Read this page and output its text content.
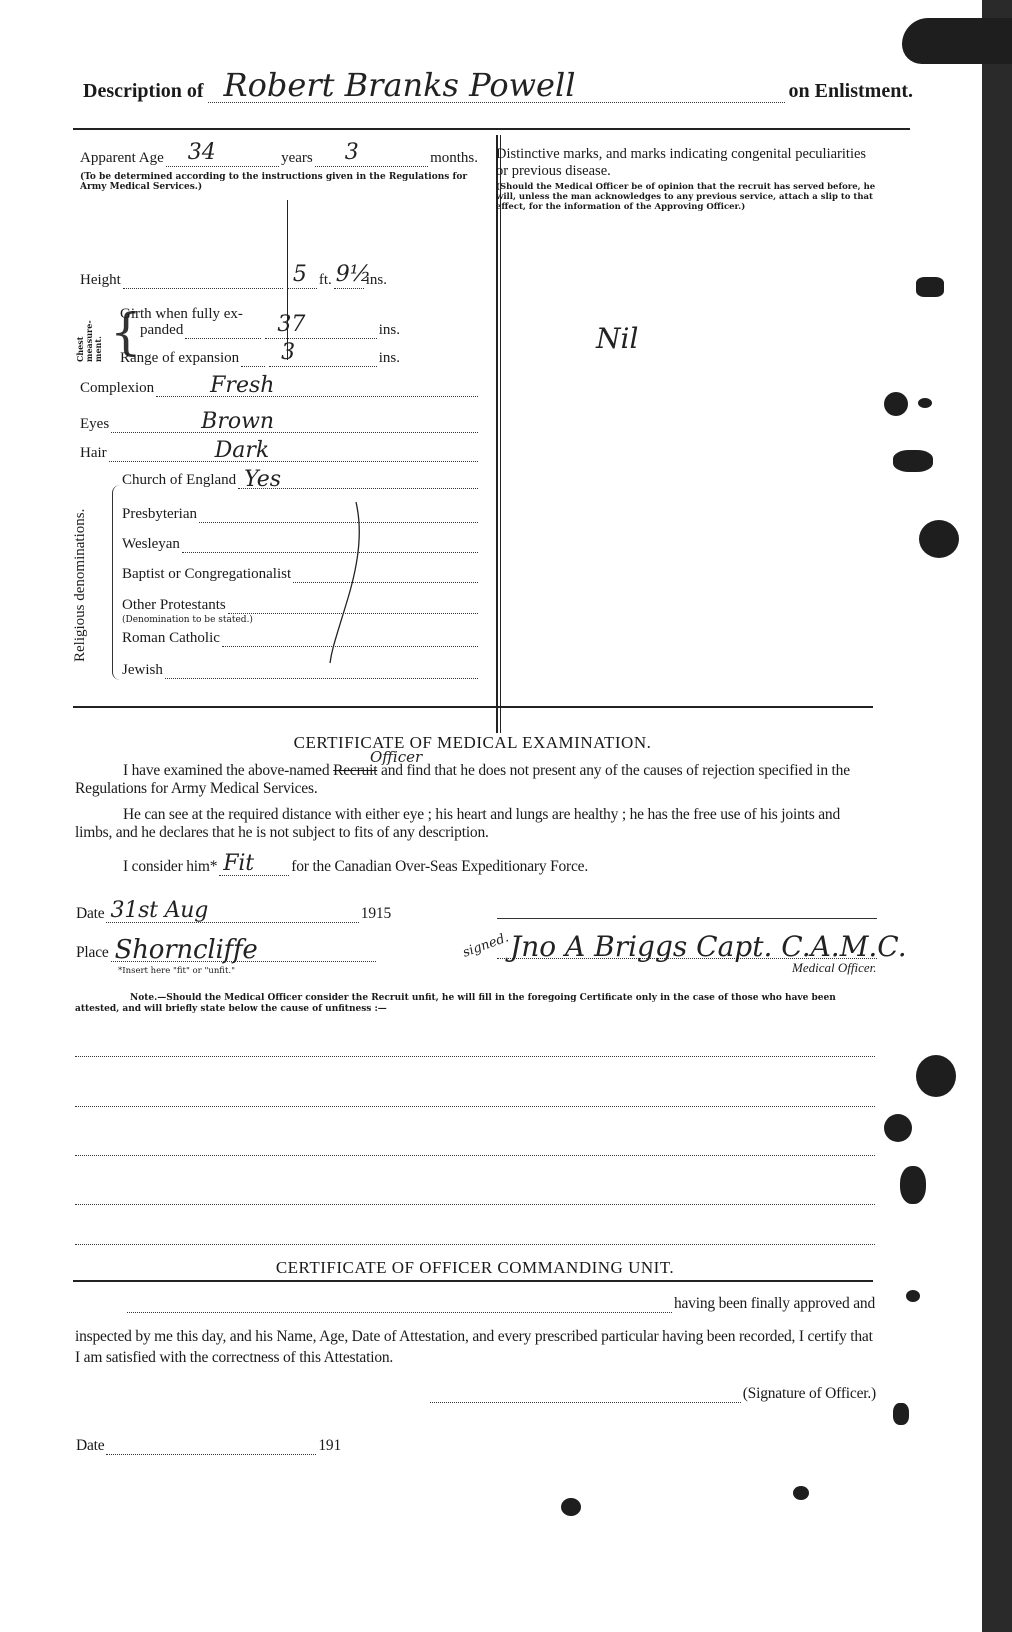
Description of Robert Branks Powell	on Enlistment.
Apparent Age 34	years 3	months.
(To be determined according to the instructions given in the Regulations for Army Medical Services.)
Height	5 ft. 9½
ins.
Chest measure-ment. {
Girth when fully ex-
panded	37	ins.
Range of expansion 3	ins.
Complexion	Fresh
Eyes	Brown
Hair	Dark
Religious denominations.
Church of England Yes
Presbyterian
Wesleyan
Baptist or Congregationalist
Other Protestants
(Denomination to be stated.)
Roman Catholic
Jewish
Distinctive marks, and marks indicating congenital peculiarities or previous disease.
(Should the Medical Officer be of opinion that the recruit has served before, he will, unless the man acknowledges to any previous service, attach a slip to that effect, for the information of the Approving Officer.)
Nil
CERTIFICATE OF MEDICAL EXAMINATION.
Officer
I have examined the above-named Recruit and find that he does not present any of the causes of rejection specified in the Regulations for Army Medical Services.
He can see at the required distance with either eye ; his heart and lungs are healthy ; he has the free use of his joints and limbs, and he declares that he is not subject to fits of any description.
I consider him* Fit for the Canadian Over-Seas Expeditionary Force.
Date 31st Aug	1915
Place Shorncliffe
*Insert here "fit" or "unfit."
signed. Jno A Briggs Capt. C.A.M.C.
Medical Officer.
Note.—Should the Medical Officer consider the Recruit unfit, he will fill in the foregoing Certificate only in the case of those who have been attested, and will briefly state below the cause of unfitness :—
CERTIFICATE OF OFFICER COMMANDING UNIT.
having been finally approved and
inspected by me this day, and his Name, Age, Date of Attestation, and every prescribed particular having been recorded, I certify that I am satisfied with the correctness of this Attestation.
(Signature of Officer.)
Date	191
